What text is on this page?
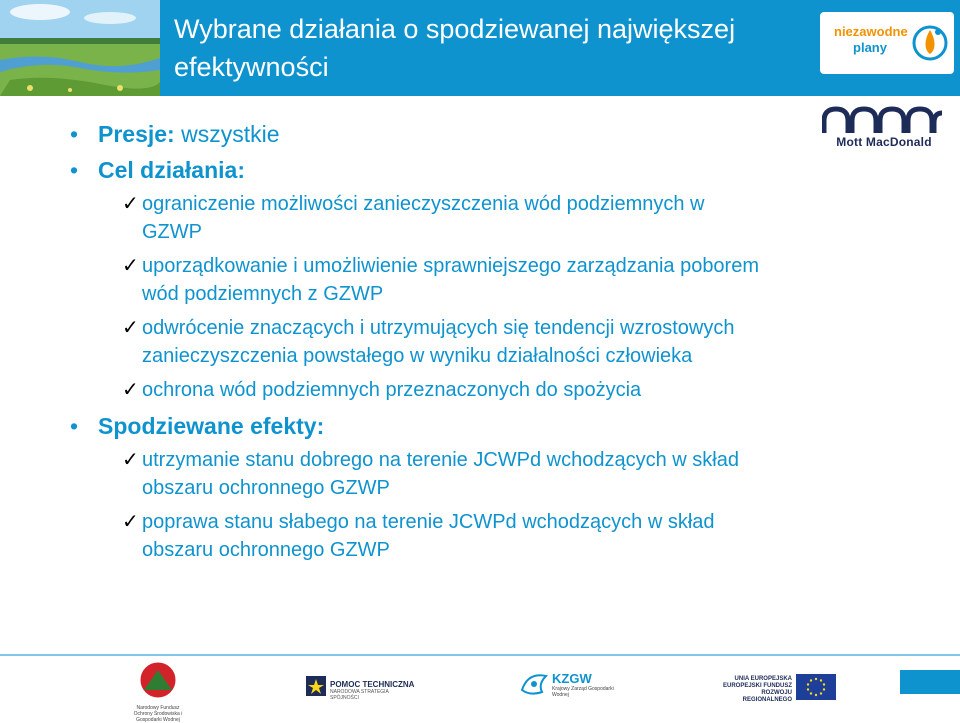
Wybrane działania o spodziewanej największej efektywności
niezawodne
plany
Mott MacDonald
• Presje: wszystkie
• Cel działania:
✓ ograniczenie możliwości zanieczyszczenia wód podziemnych w GZWP
✓ uporządkowanie i umożliwienie sprawniejszego zarządzania poborem wód podziemnych z GZWP
✓ odwrócenie znaczących i utrzymujących się tendencji wzrostowych zanieczyszczenia powstałego w wyniku działalności człowieka
✓ ochrona wód podziemnych przeznaczonych do spożycia
• Spodziewane efekty:
✓ utrzymanie stanu dobrego na terenie JCWPd wchodzących w skład obszaru ochronnego GZWP
✓ poprawa stanu słabego na terenie JCWPd wchodzących w skład obszaru ochronnego GZWP
Narodowy Fundusz Ochrony Środowiska i Gospodarki Wodnej
POMOC TECHNICZNA
NARODOWA STRATEGIA SPÓJNOŚCI
KZGW
Krajowy Zarząd Gospodarki Wodnej
UNIA EUROPEJSKA
EUROPEJSKI FUNDUSZ
ROZWOJU REGIONALNEGO
